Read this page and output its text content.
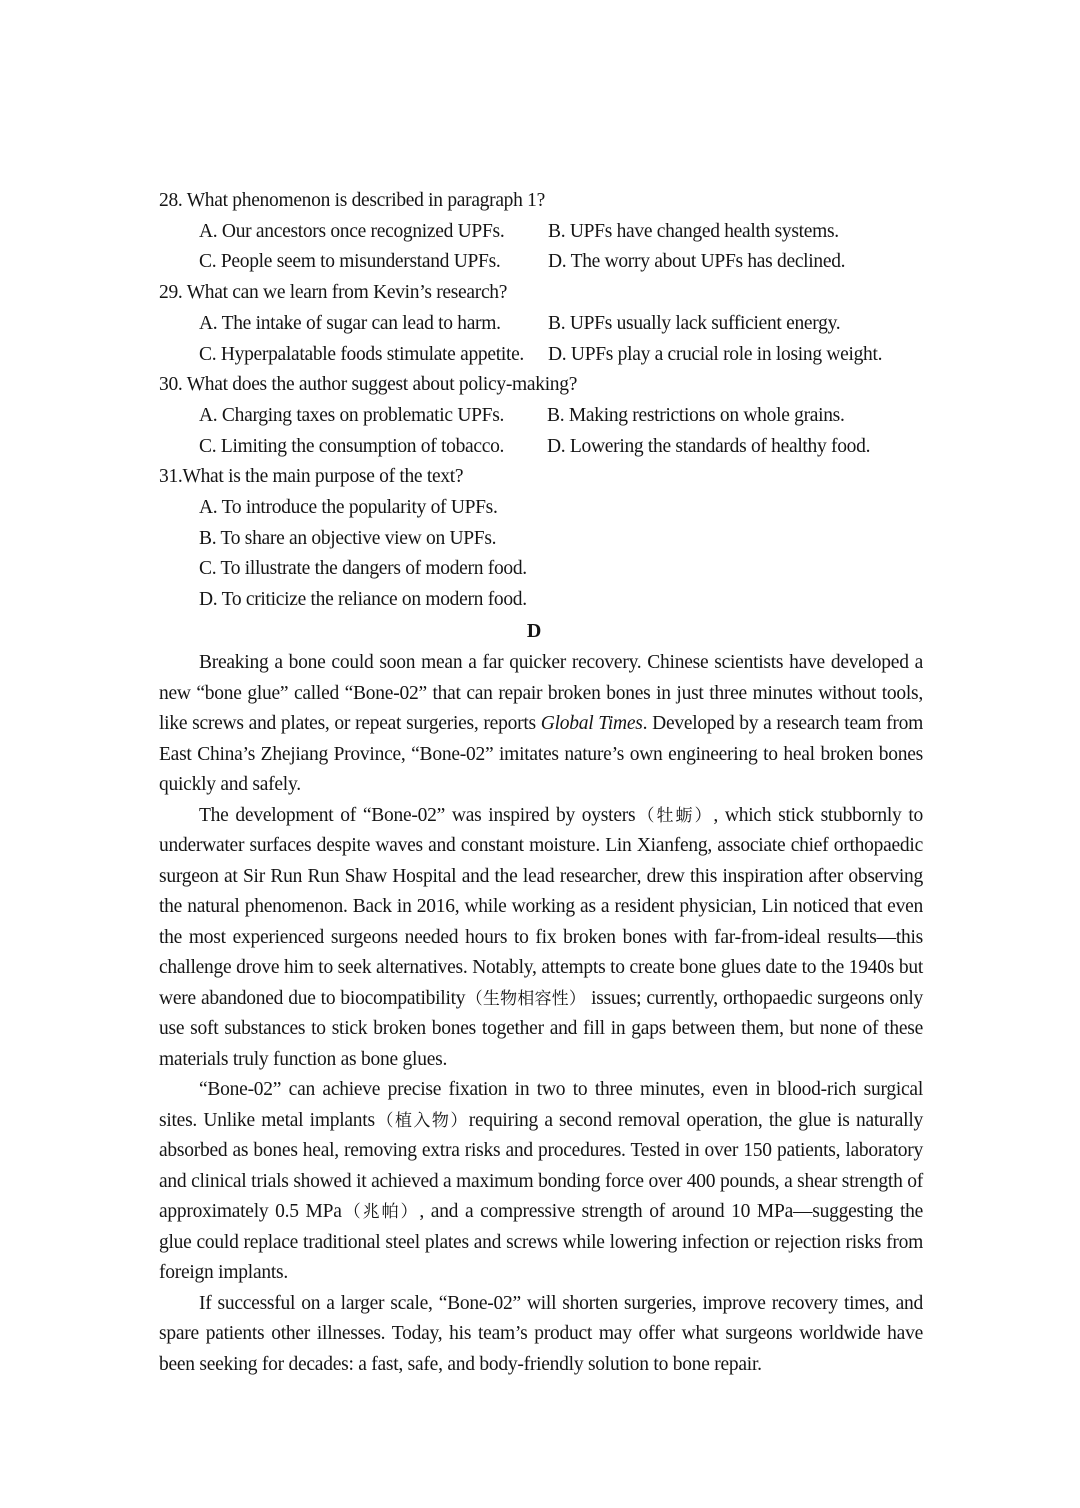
28. What phenomenon is described in paragraph 1?
A. Our ancestors once recognized UPFs.	B. UPFs have changed health systems.
C. People seem to misunderstand UPFs.	D. The worry about UPFs has declined.
29. What can we learn from Kevin’s research?
A. The intake of sugar can lead to harm.	B. UPFs usually lack sufficient energy.
C. Hyperpalatable foods stimulate appetite.	D. UPFs play a crucial role in losing weight.
30. What does the author suggest about policy-making?
A. Charging taxes on problematic UPFs.	B. Making restrictions on whole grains.
C. Limiting the consumption of tobacco.	D. Lowering the standards of healthy food.
31.What is the main purpose of the text?
A. To introduce the popularity of UPFs.
B. To share an objective view on UPFs.
C. To illustrate the dangers of modern food.
D. To criticize the reliance on modern food.
D

Breaking a bone could soon mean a far quicker recovery. Chinese scientists have developed a new “bone glue” called “Bone-02” that can repair broken bones in just three minutes without tools, like screws and plates, or repeat surgeries, reports Global Times. Developed by a research team from East China’s Zhejiang Province, “Bone-02” imitates nature’s own engineering to heal broken bones quickly and safely.

The development of “Bone-02” was inspired by oysters（牡蛎）, which stick stubbornly to underwater surfaces despite waves and constant moisture. Lin Xianfeng, associate chief orthopaedic surgeon at Sir Run Run Shaw Hospital and the lead researcher, drew this inspiration after observing the natural phenomenon. Back in 2016, while working as a resident physician, Lin noticed that even the most experienced surgeons needed hours to fix broken bones with far-from-ideal results—this challenge drove him to seek alternatives. Notably, attempts to create bone glues date to the 1940s but were abandoned due to biocompatibility（生物相容性） issues; currently, orthopaedic surgeons only use soft substances to stick broken bones together and fill in gaps between them, but none of these materials truly function as bone glues.

“Bone-02” can achieve precise fixation in two to three minutes, even in blood-rich surgical sites. Unlike metal implants（植入物）requiring a second removal operation, the glue is naturally absorbed as bones heal, removing extra risks and procedures. Tested in over 150 patients, laboratory and clinical trials showed it achieved a maximum bonding force over 400 pounds, a shear strength of approximately 0.5 MPa（兆帕）, and a compressive strength of around 10 MPa—suggesting the glue could replace traditional steel plates and screws while lowering infection or rejection risks from foreign implants.

If successful on a larger scale, “Bone-02” will shorten surgeries, improve recovery times, and spare patients other illnesses. Today, his team’s product may offer what surgeons worldwide have been seeking for decades: a fast, safe, and body-friendly solution to bone repair.
